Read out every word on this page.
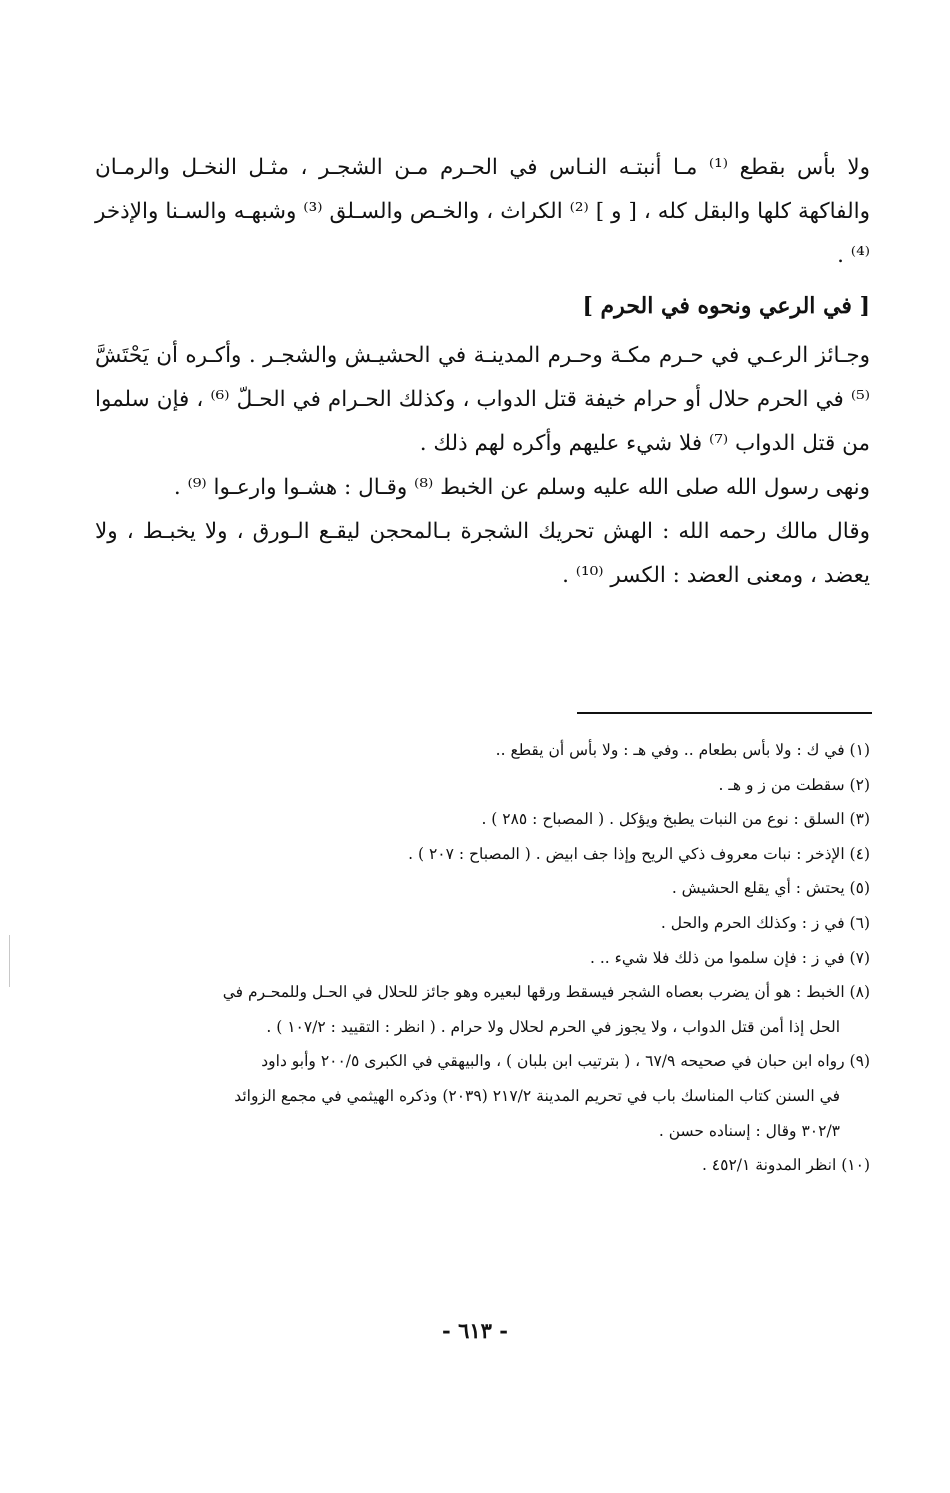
ولا بأس بقطع ⁽¹⁾ مـا أنبتـه النـاس في الحـرم مـن الشجـر ، مثـل النخـل والرمـان والفاكهة كلها والبقل كله ، [ و ] ⁽²⁾ الكراث ، والخـص والسـلق ⁽³⁾ وشبهـه والسـنا والإذخر ⁽⁴⁾ .

[ في الرعي ونحوه في الحرم ]

وجـائز الرعـي في حـرم مكـة وحـرم المدينـة في الحشيـش والشجـر . وأكـره أن يَحْتَشَّ ⁽⁵⁾ في الحرم حلال أو حرام خيفة قتل الدواب ، وكذلك الحـرام في الحـلّ ⁽⁶⁾ ، فإن سلموا من قتل الدواب ⁽⁷⁾ فلا شيء عليهم وأكره لهم ذلك .

ونهى رسول الله صلى الله عليه وسلم عن الخبط ⁽⁸⁾ وقـال : هشـوا وارعـوا ⁽⁹⁾ .

وقال مالك رحمه الله : الهش تحريك الشجرة بـالمحجن ليقـع الـورق ، ولا يخبـط ، ولا يعضد ، ومعنى العضد : الكسر ⁽¹⁰⁾ .

(١) في ك : ولا بأس بطعام .. وفي هـ : ولا بأس أن يقطع ..

(٢) سقطت من ز و هـ .

(٣) السلق : نوع من النبات يطبخ ويؤكل . ( المصباح : ٢٨٥ ) .

(٤) الإذخر : نبات معروف ذكي الريح وإذا جف ابيض . ( المصباح : ٢٠٧ ) .

(٥) يحتش : أي يقلع الحشيش .

(٦) في ز : وكذلك الحرم والحل .

(٧) في ز : فإن سلموا من ذلك فلا شيء .. .

(٨) الخبط : هو أن يضرب بعصاه الشجر فيسقط ورقها لبعيره وهو جائز للحلال في الحـل وللمحـرم في
الحل إذا أمن قتل الدواب ، ولا يجوز في الحرم لحلال ولا حرام . ( انظر : التقييد : ١٠٧/٢ ) .
(٩) رواه ابن حبان في صحيحه ٦٧/٩ ، ( بترتيب ابن بلبان ) ، والبيهقي في الكبرى ٢٠٠/٥ وأبو داود
في السنن كتاب المناسك باب في تحريم المدينة ٢١٧/٢ (٢٠٣٩) وذكره الهيثمي في مجمع الزوائد
٣٠٢/٣ وقال : إسناده حسن .

(١٠) انظر المدونة ٤٥٢/١ .

- ٦١٣ -
